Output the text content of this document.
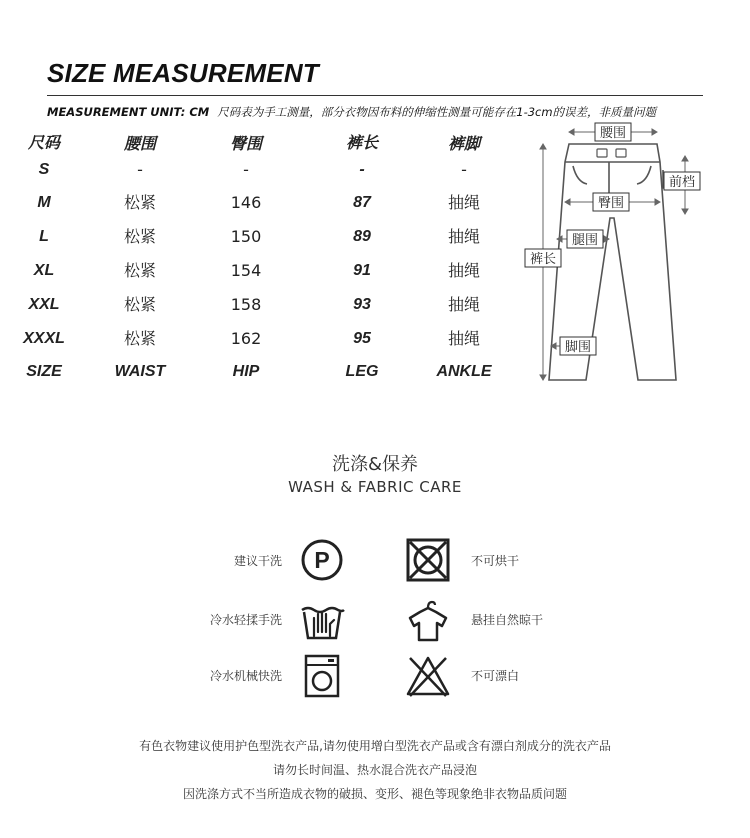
SIZE MEASUREMENT
MEASUREMENT UNIT: CM 尺码表为手工测量，部分衣物因布料的伸缩性测量可能存在1-3cm的误差，非质量问题
尺码	腰围	臀围	裤长	裤脚
S	-	-	-	-
M	松紧	146	87	抽绳
L	松紧	150	89	抽绳
XL	松紧	154	91	抽绳
XXL	松紧	158	93	抽绳
XXXL	松紧	162	95	抽绳
SIZE	WAIST	HIP	LEG	ANKLE
腰围
前档
臀围
腿围
裤长
脚围
洗涤&保养
WASH & FABRIC CARE
建议干洗 P	不可烘干
冷水轻揉手洗	悬挂自然晾干
冷水机械快洗	不可漂白
有色衣物建议使用护色型洗衣产品,请勿使用增白型洗衣产品或含有漂白剂成分的洗衣产品
请勿长时间温、热水混合洗衣产品浸泡
因洗涤方式不当所造成衣物的破损、变形、褪色等现象绝非衣物品质问题
